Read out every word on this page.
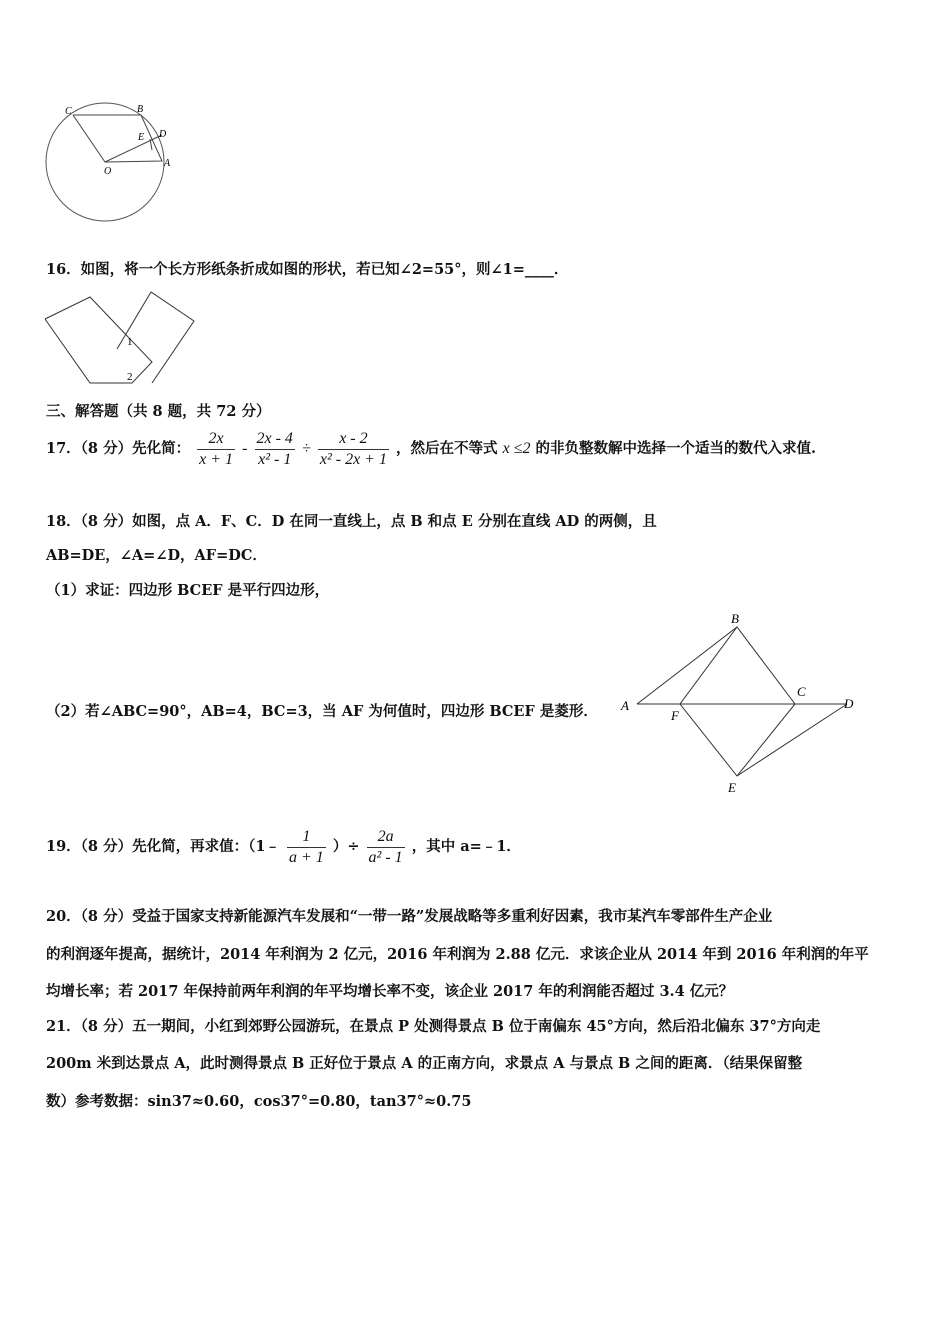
C	B
E D
A
O
16．如图，将一个长方形纸条折成如图的形状，若已知∠2=55°，则∠1=____．
1
2
三、解答题（共 8 题，共 72 分）
17．（8 分）先化简： $\frac{2x}{x + 1} - \frac{2x - 4}{\text{x² - 1}} \div \frac{x - 2}{\text{x² - 2x + 1}}$ ，然后在不等式 x ≤2 的非负整数解中选择一个适当的数代入求值.
18．（8 分）如图，点 A．F、C．D 在同一直线上，点 B 和点 E 分别在直线 AD 的两侧，且
AB=DE，∠A=∠D，AF=DC．
（1）求证：四边形 BCEF 是平行四边形，
（2）若∠ABC=90°，AB=4，BC=3，当 AF 为何值时，四边形 BCEF 是菱形．
B
C
A
F
D
E
19．（8 分）先化简，再求值：（1﹣ $\frac{1}{a + 1}$ ）÷ $\frac{2a}{\text{a² - 1}}$ ，其中 a=﹣1．
20．（8 分）受益于国家支持新能源汽车发展和“一带一路”发展战略等多重利好因素，我市某汽车零部件生产企业
的利润逐年提高，据统计，2014 年利润为 2 亿元，2016 年利润为 2.88 亿元．求该企业从 2014 年到 2016 年利润的年平
均增长率；若 2017 年保持前两年利润的年平均增长率不变，该企业 2017 年的利润能否超过 3.4 亿元？
21．（8 分）五一期间，小红到郊野公园游玩，在景点 P 处测得景点 B 位于南偏东 45°方向，然后沿北偏东 37°方向走
200m 米到达景点 A，此时测得景点 B 正好位于景点 A 的正南方向，求景点 A 与景点 B 之间的距离．（结果保留整
数）参考数据：sin37≈0.60，cos37°=0.80，tan37°≈0.75
